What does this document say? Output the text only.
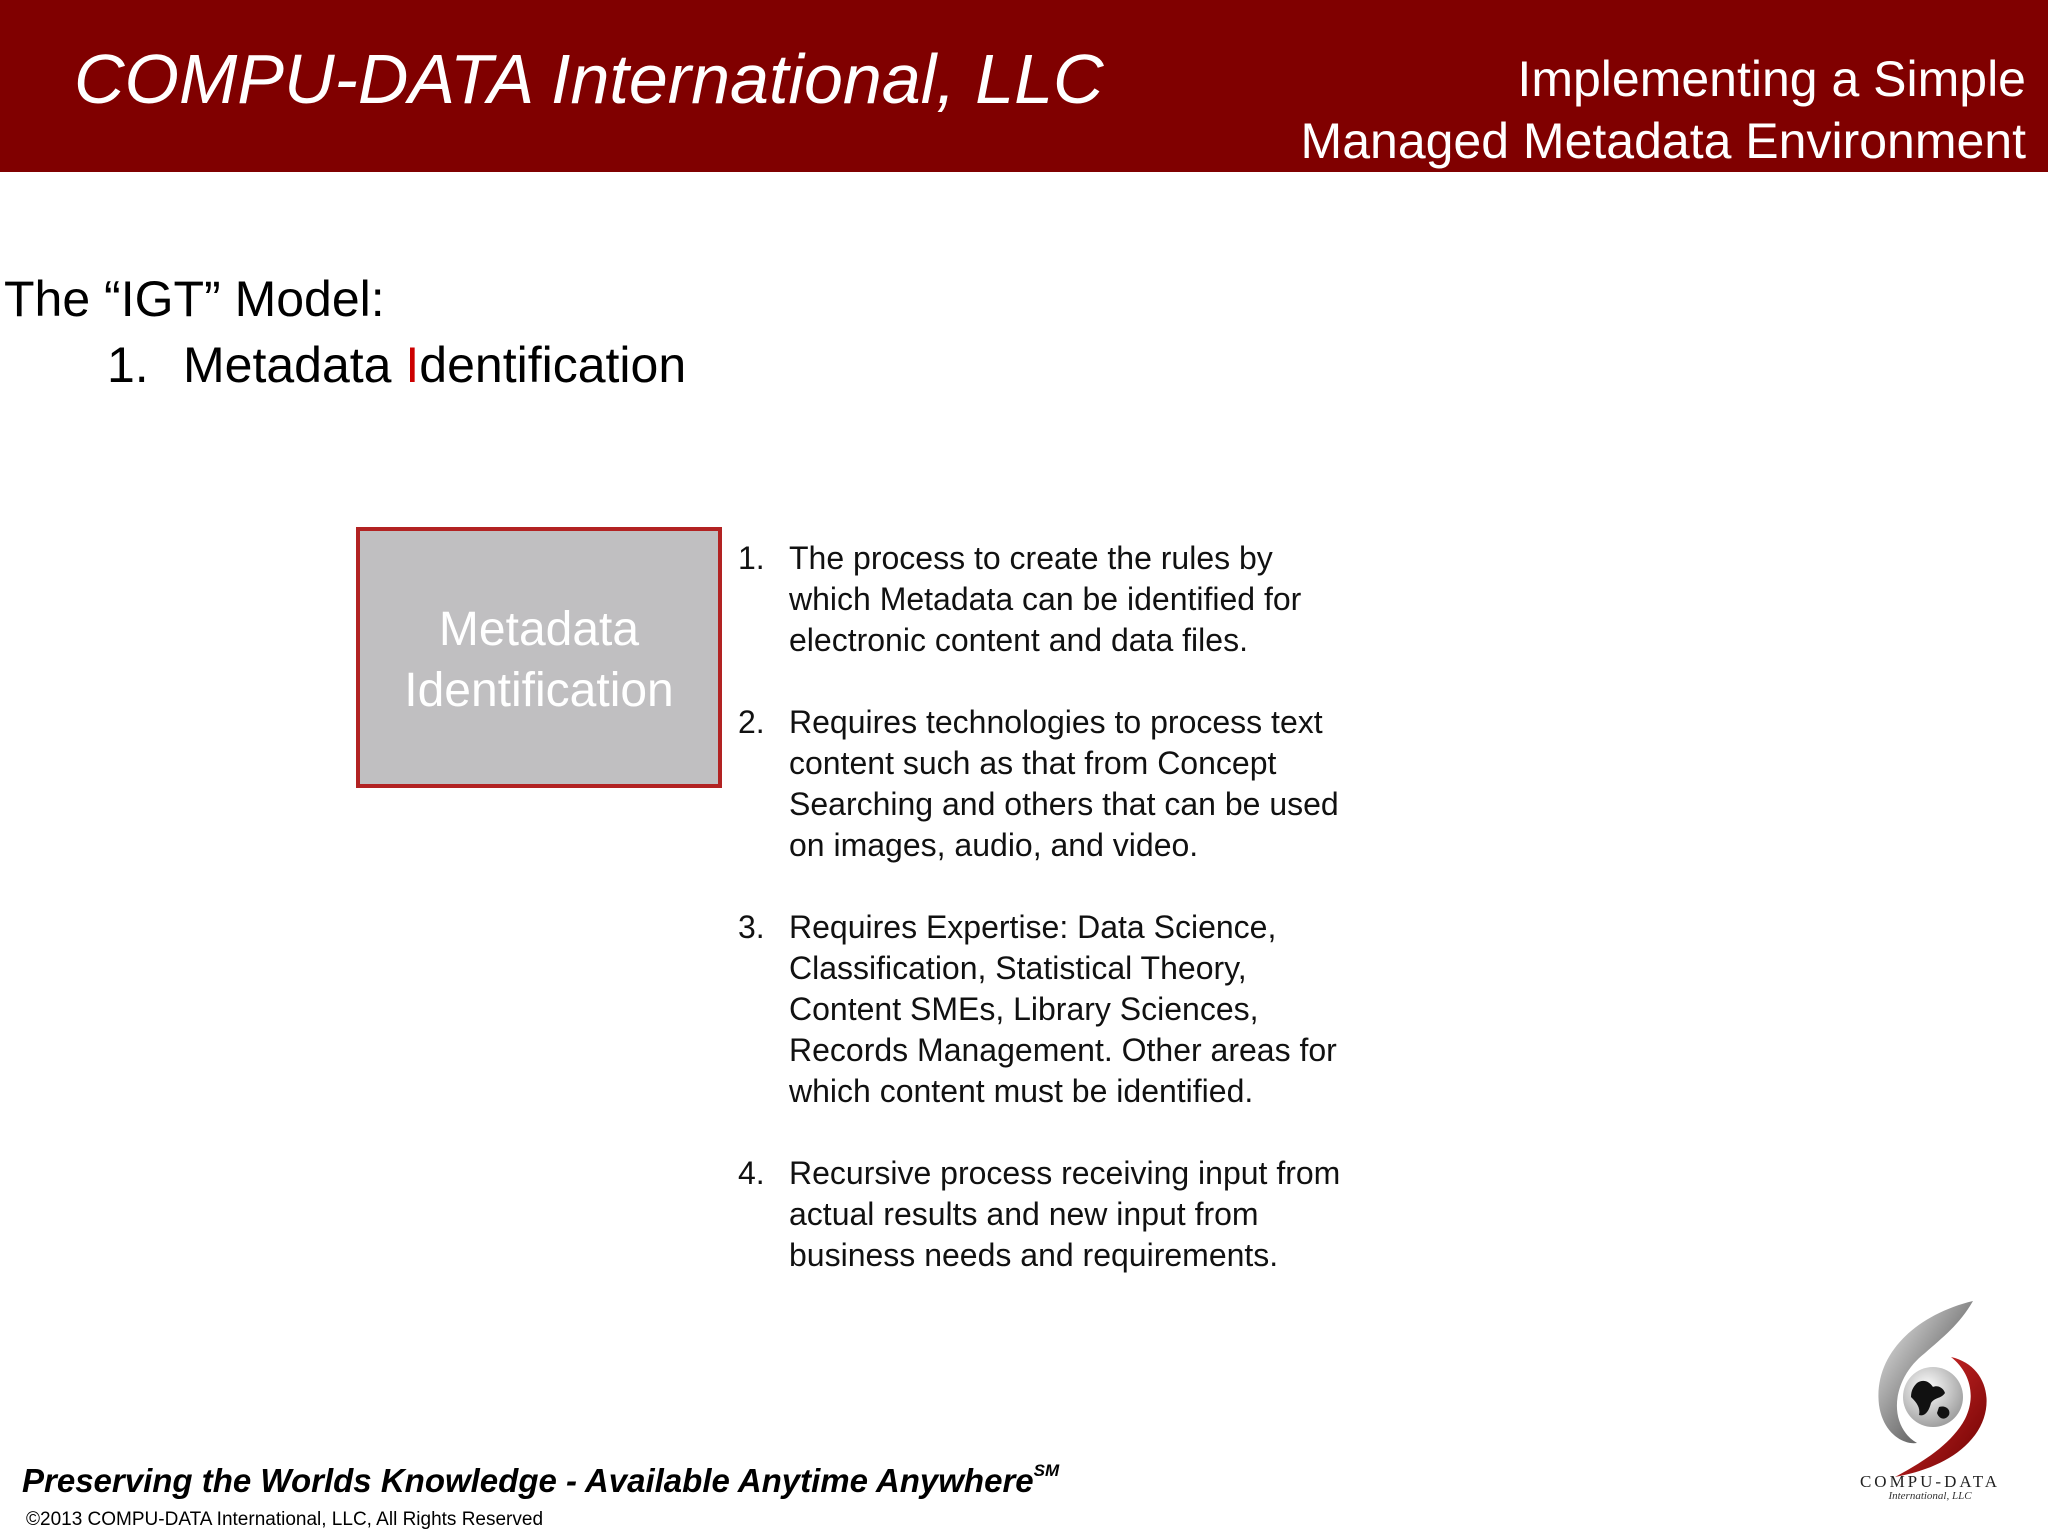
COMPU-DATA International, LLC	Implementing a Simple
Managed Metadata Environment
The “IGT” Model:
1. Metadata Identification
Metadata
Identification
1. The process to create the rules by which Metadata can be identified for electronic content and data files.
2. Requires technologies to process text content such as that from Concept Searching and others that can be used on images, audio, and video.
3. Requires Expertise: Data Science, Classification, Statistical Theory, Content SMEs, Library Sciences, Records Management. Other areas for which content must be identified.
4. Recursive process receiving input from actual results and new input from business needs and requirements.
COMPU-DATA
International, LLC
Preserving the Worlds Knowledge - Available Anytime Anywhere℠
©2013 COMPU-DATA International, LLC, All Rights Reserved
